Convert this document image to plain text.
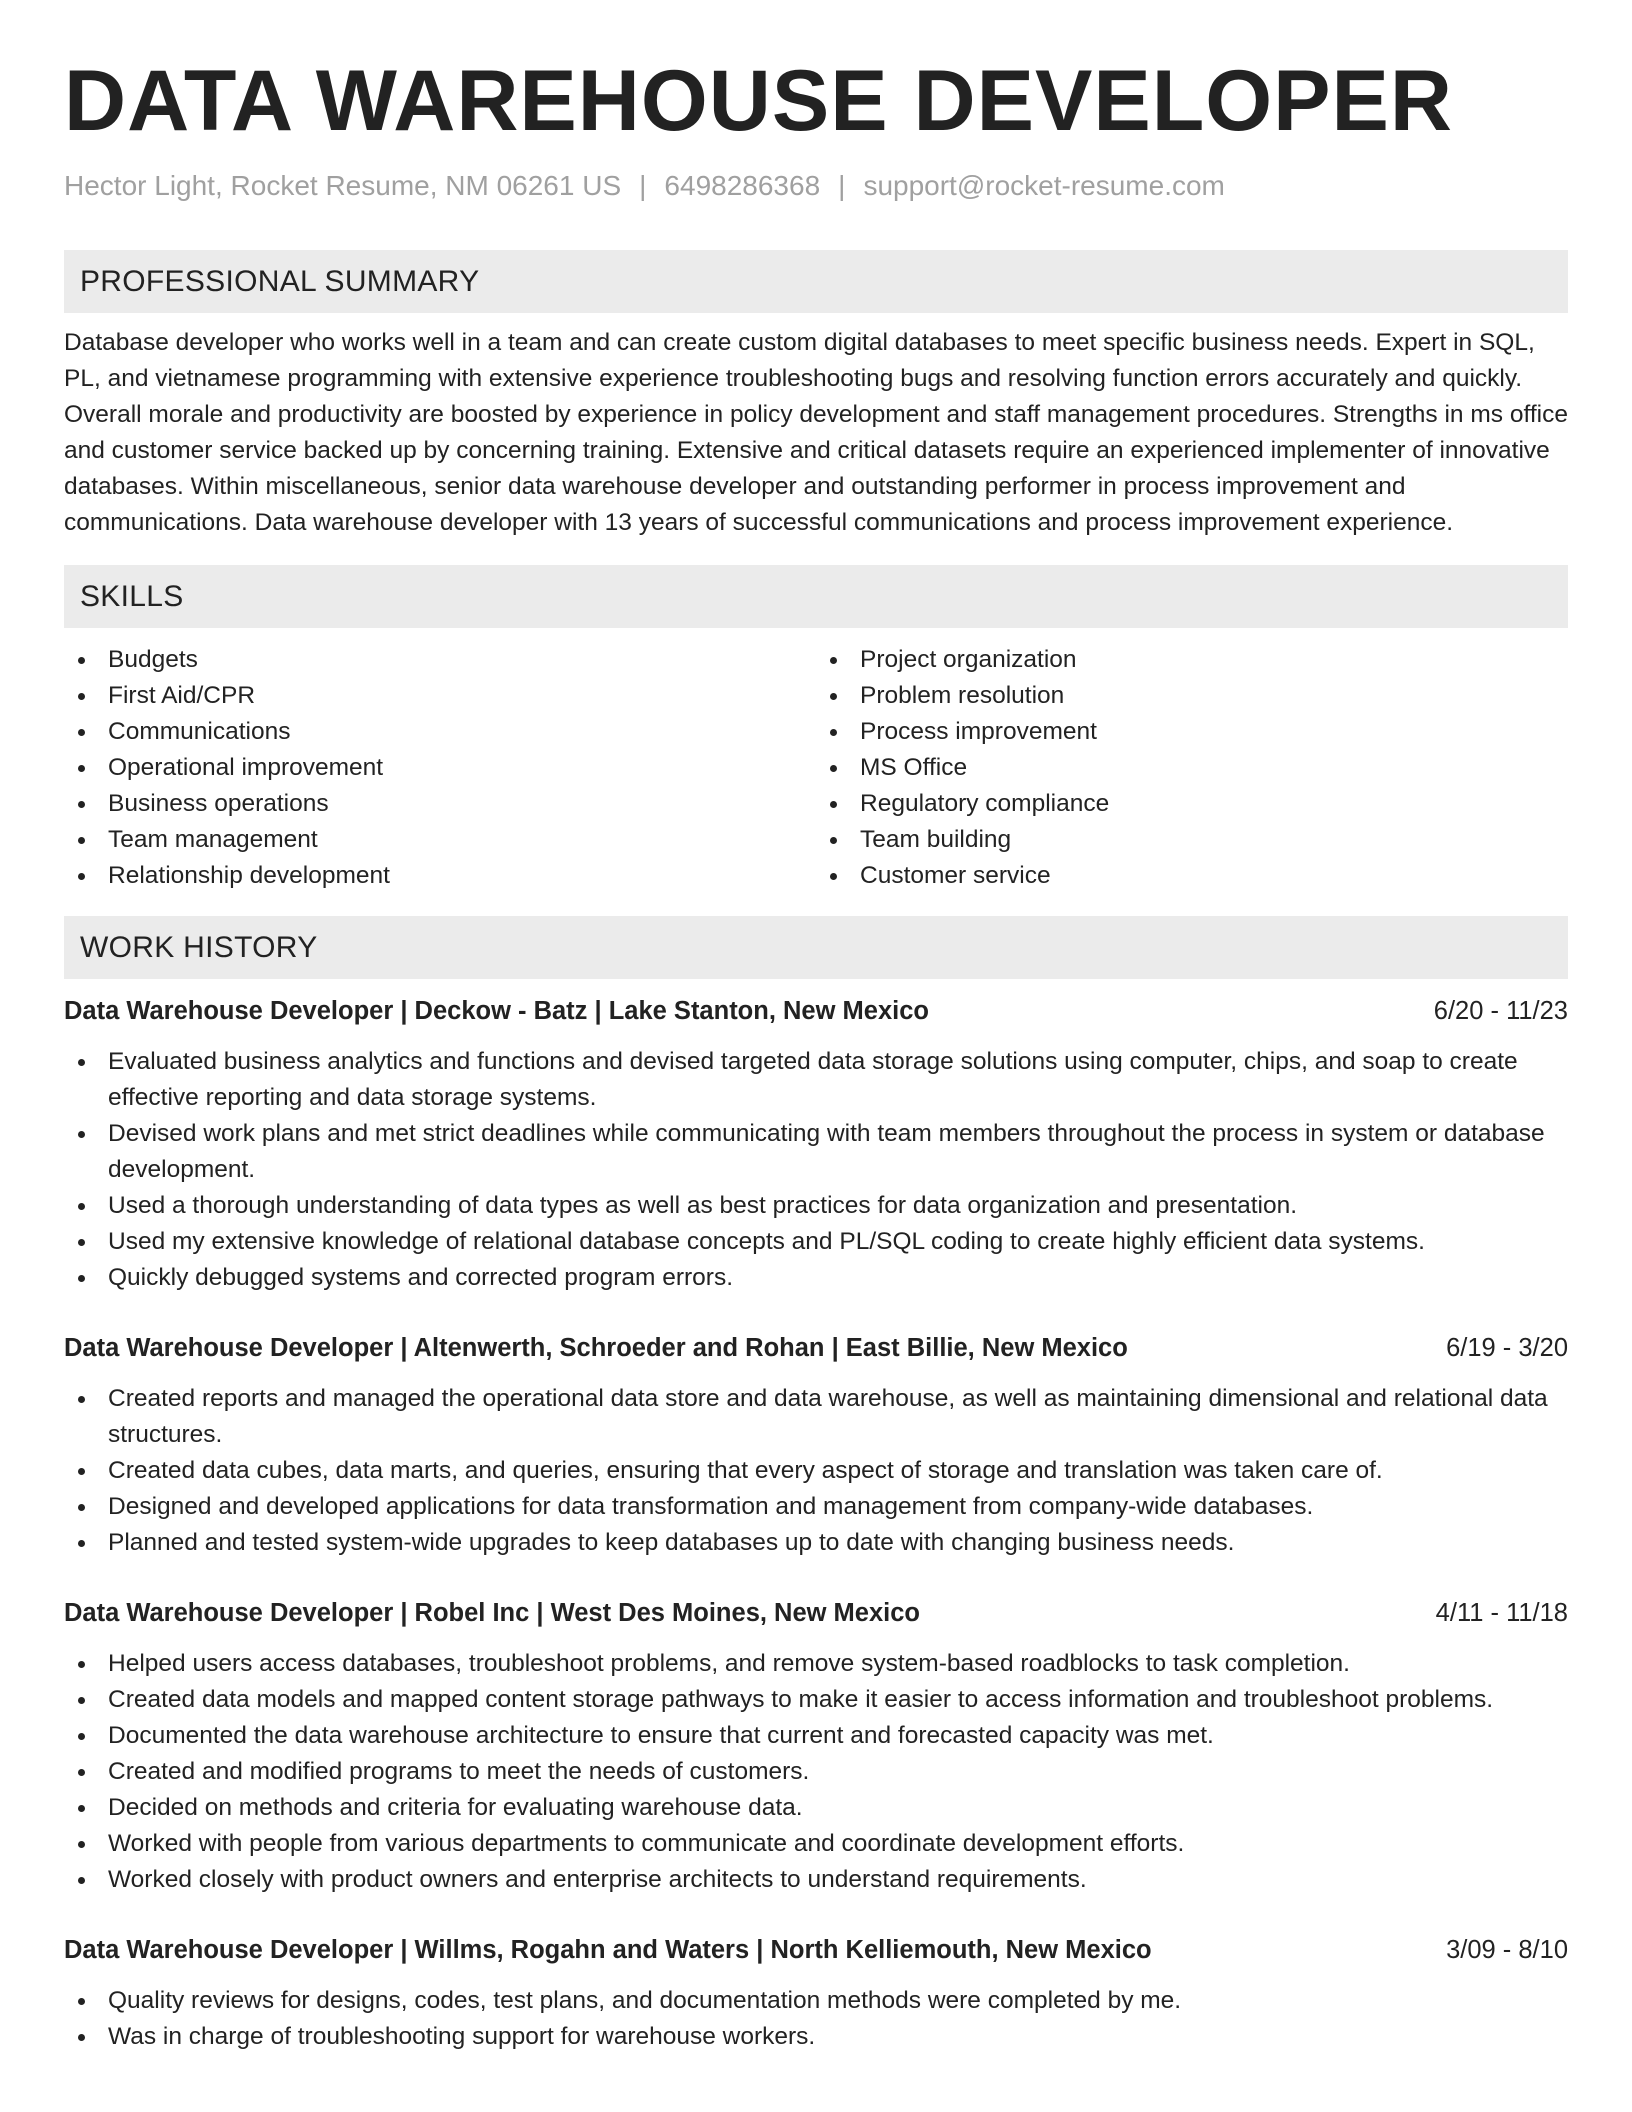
DATA WAREHOUSE DEVELOPER
Hector Light, Rocket Resume, NM 06261 US | 6498286368 | support@rocket-resume.com
PROFESSIONAL SUMMARY

Database developer who works well in a team and can create custom digital databases to meet specific business needs. Expert in SQL, PL, and vietnamese programming with extensive experience troubleshooting bugs and resolving function errors accurately and quickly. Overall morale and productivity are boosted by experience in policy development and staff management procedures. Strengths in ms office and customer service backed up by concerning training. Extensive and critical datasets require an experienced implementer of innovative databases. Within miscellaneous, senior data warehouse developer and outstanding performer in process improvement and communications. Data warehouse developer with 13 years of successful communications and process improvement experience.

SKILLS
Budgets
First Aid/CPR
Communications
Operational improvement
Business operations
Team management
Relationship development
Project organization
Problem resolution
Process improvement
MS Office
Regulatory compliance
Team building
Customer service
WORK HISTORY
Data Warehouse Developer | Deckow - Batz | Lake Stanton, New Mexico	6/20 - 11/23
Evaluated business analytics and functions and devised targeted data storage solutions using computer, chips, and soap to create effective reporting and data storage systems.
Devised work plans and met strict deadlines while communicating with team members throughout the process in system or database development.
Used a thorough understanding of data types as well as best practices for data organization and presentation.
Used my extensive knowledge of relational database concepts and PL/SQL coding to create highly efficient data systems.
Quickly debugged systems and corrected program errors.
Data Warehouse Developer | Altenwerth, Schroeder and Rohan | East Billie, New Mexico	6/19 - 3/20
Created reports and managed the operational data store and data warehouse, as well as maintaining dimensional and relational data structures.
Created data cubes, data marts, and queries, ensuring that every aspect of storage and translation was taken care of.
Designed and developed applications for data transformation and management from company-wide databases.
Planned and tested system-wide upgrades to keep databases up to date with changing business needs.
Data Warehouse Developer | Robel Inc | West Des Moines, New Mexico	4/11 - 11/18
Helped users access databases, troubleshoot problems, and remove system-based roadblocks to task completion.
Created data models and mapped content storage pathways to make it easier to access information and troubleshoot problems.
Documented the data warehouse architecture to ensure that current and forecasted capacity was met.
Created and modified programs to meet the needs of customers.
Decided on methods and criteria for evaluating warehouse data.
Worked with people from various departments to communicate and coordinate development efforts.
Worked closely with product owners and enterprise architects to understand requirements.
Data Warehouse Developer | Willms, Rogahn and Waters | North Kelliemouth, New Mexico	3/09 - 8/10
Quality reviews for designs, codes, test plans, and documentation methods were completed by me.
Was in charge of troubleshooting support for warehouse workers.
